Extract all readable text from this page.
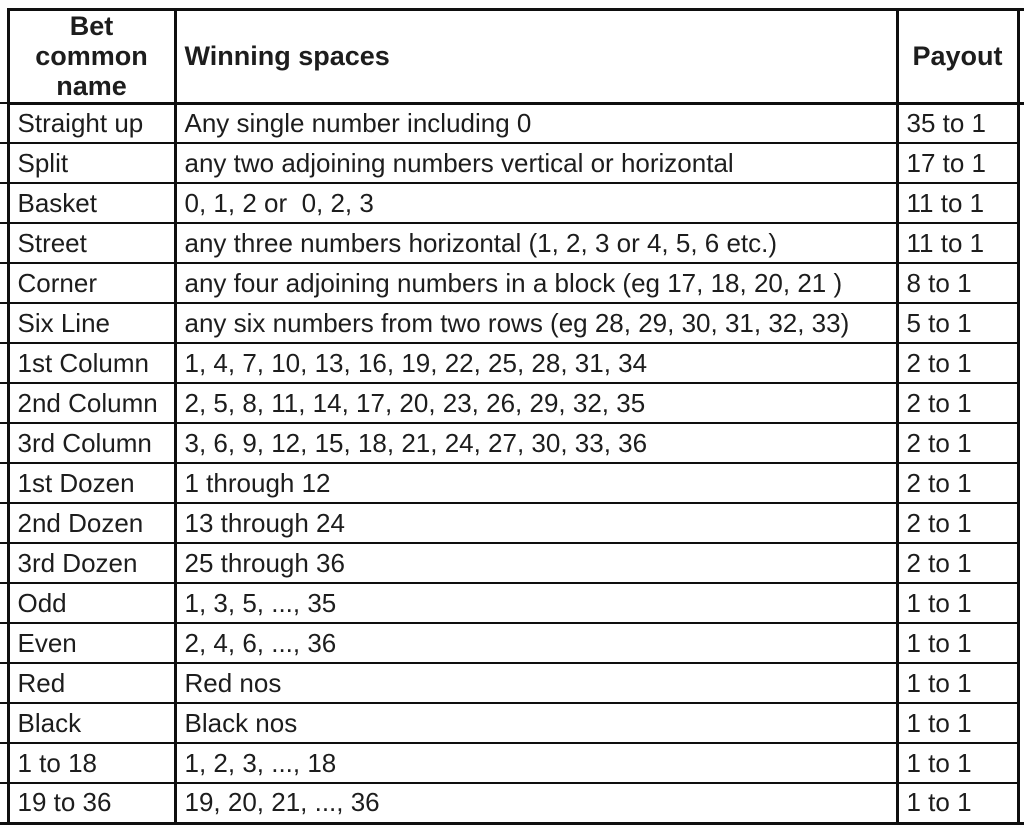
	Bet common name	Winning spaces	Payout	
	Straight up	Any single number including 0	35 to 1	
	Split	any two adjoining numbers vertical or horizontal	17 to 1	
	Basket	0, 1, 2 or  0, 2, 3	11 to 1	
	Street	any three numbers horizontal (1, 2, 3 or 4, 5, 6 etc.)	11 to 1	
	Corner	any four adjoining numbers in a block (eg 17, 18, 20, 21 )	8 to 1	
	Six Line	any six numbers from two rows (eg 28, 29, 30, 31, 32, 33)	5 to 1	
	1st Column	1, 4, 7, 10, 13, 16, 19, 22, 25, 28, 31, 34	2 to 1	
	2nd Column	2, 5, 8, 11, 14, 17, 20, 23, 26, 29, 32, 35	2 to 1	
	3rd Column	3, 6, 9, 12, 15, 18, 21, 24, 27, 30, 33, 36	2 to 1	
	1st Dozen	1 through 12	2 to 1	
	2nd Dozen	13 through 24	2 to 1	
	3rd Dozen	25 through 36	2 to 1	
	Odd	1, 3, 5, ..., 35	1 to 1	
	Even	2, 4, 6, ..., 36	1 to 1	
	Red	Red nos	1 to 1	
	Black	Black nos	1 to 1	
	1 to 18	1, 2, 3, ..., 18	1 to 1	
	19 to 36	19, 20, 21, ..., 36	1 to 1	
